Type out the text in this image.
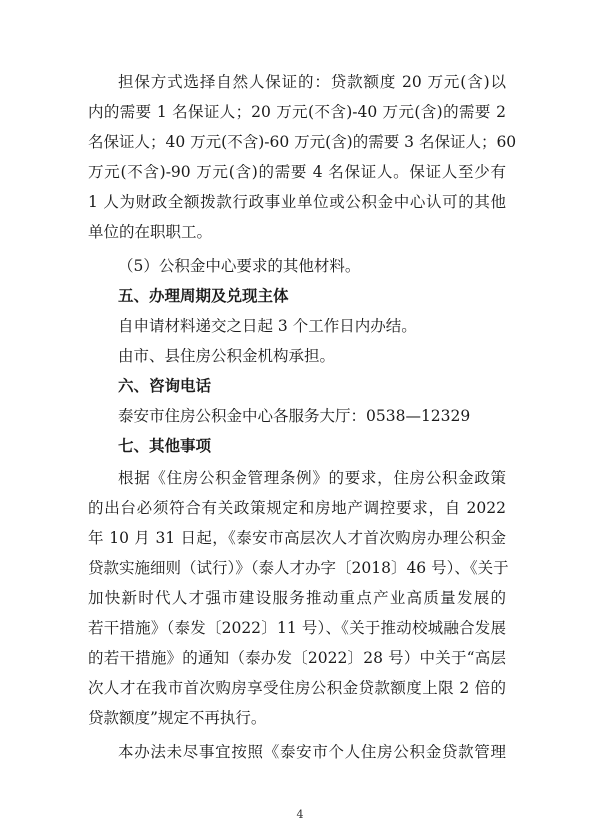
担保方式选择自然人保证的：贷款额度 20 万元(含)以
内的需要 1 名保证人；20 万元(不含)-40 万元(含)的需要 2
名保证人；40 万元(不含)-60 万元(含)的需要 3 名保证人；60
万元(不含)-90 万元(含)的需要 4 名保证人。保证人至少有
1 人为财政全额拨款行政事业单位或公积金中心认可的其他
单位的在职职工。
（5）公积金中心要求的其他材料。
五、办理周期及兑现主体
自申请材料递交之日起 3 个工作日内办结。
由市、县住房公积金机构承担。
六、咨询电话
泰安市住房公积金中心各服务大厅：0538—12329
七、其他事项
根据《住房公积金管理条例》的要求，住房公积金政策
的出台必须符合有关政策规定和房地产调控要求，自 2022
年 10 月 31 日起，《泰安市高层次人才首次购房办理公积金
贷款实施细则（试行）》（泰人才办字〔2018〕46 号）、《关于
加快新时代人才强市建设服务推动重点产业高质量发展的
若干措施》（泰发〔2022〕11 号）、《关于推动校城融合发展
的若干措施》的通知（泰办发〔2022〕28 号）中关于“高层
次人才在我市首次购房享受住房公积金贷款额度上限 2 倍的
贷款额度”规定不再执行。
本办法未尽事宜按照《泰安市个人住房公积金贷款管理
4
